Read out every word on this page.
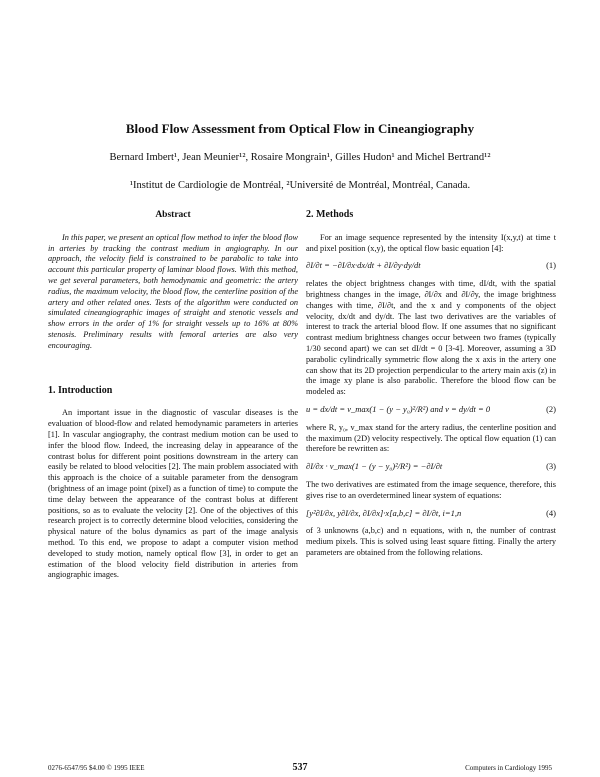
Blood Flow Assessment from Optical Flow in Cineangiography
Bernard Imbert¹, Jean Meunier¹², Rosaire Mongrain¹, Gilles Hudon¹ and Michel Bertrand¹²
¹Institut de Cardiologie de Montréal, ²Université de Montréal, Montréal, Canada.
Abstract

In this paper, we present an optical flow method to infer the blood flow in arteries by tracking the contrast medium in angiography. In our approach, the velocity field is constrained to be parabolic to take into account this particular property of laminar blood flows. With this method, we get several parameters, both hemodynamic and geometric: the artery radius, the maximum velocity, the blood flow, the centerline position of the artery and other related ones. Tests of the algorithm were conducted on simulated cineangiographic images of straight and stenotic vessels and show errors in the order of 1% for straight vessels up to 16% at 80% stenosis. Preliminary results with femoral arteries are also very encouraging.

1. Introduction

An important issue in the diagnostic of vascular diseases is the evaluation of blood-flow and related hemodynamic parameters in arteries [1]. In vascular angiography, the contrast medium motion can be used to infer the blood flow. Indeed, the increasing delay in appearance of the contrast bolus for different point positions downstream in the artery can easily be related to blood velocities [2]. The main problem associated with this approach is the choice of a suitable parameter from the densogram (brightness of an image point (pixel) as a function of time) to compute the time delay between the appearance of the contrast bolus at different positions, so as to evaluate the velocity [2]. One of the objectives of this research project is to correctly determine blood velocities, considering the physical nature of the bolus dynamics as part of the image analysis method. To this end, we propose to adapt a computer vision method developed to study motion, namely optical flow [3], in order to get an estimation of the blood velocity field distribution in arteries from angiographic images.

2. Methods

For an image sequence represented by the intensity I(x,y,t) at time t and pixel position (x,y), the optical flow basic equation [4]:

∂I/∂t = −∂I/∂x·dx/dt + ∂I/∂y·dy/dt	(1)

relates the object brightness changes with time, dI/dt, with the spatial brightness changes in the image, ∂I/∂x and ∂I/∂y, the image brightness changes with time, ∂I/∂t, and the x and y components of the object velocity, dx/dt and dy/dt. The last two derivatives are the variables of interest to track the arterial blood flow. If one assumes that no significant contrast medium brightness changes occur between two frames (typically 1/30 second apart) we can set dI/dt = 0 [3-4]. Moreover, assuming a 3D parabolic cylindrically symmetric flow along the x axis in the artery one can show that its 2D projection perpendicular to the artery main axis (z) in the image xy plane is also parabolic. Therefore the blood flow can be modeled as:

u = dx/dt = v_max(1 − (y − y₀)²/R²) and v = dy/dt = 0	(2)

where R, y₀, v_max stand for the artery radius, the centerline position and the maximum (2D) velocity respectively. The optical flow equation (1) can therefore be rewritten as:

∂I/∂x · v_max(1 − (y − y₀)²/R²) = −∂I/∂t	(3)

The two derivatives are estimated from the image sequence, therefore, this gives rise to an overdetermined linear system of equations:

[y²∂I/∂x, y∂I/∂x, ∂I/∂x]·x[a,b,c] = ∂I/∂t, i=1,n	(4)

of 3 unknowns (a,b,c) and n equations, with n, the number of contrast medium pixels. This is solved using least square fitting. Finally the artery parameters are obtained from the following relations.

0276-6547/95 $4.00 © 1995 IEEE	537	Computers in Cardiology 1995
